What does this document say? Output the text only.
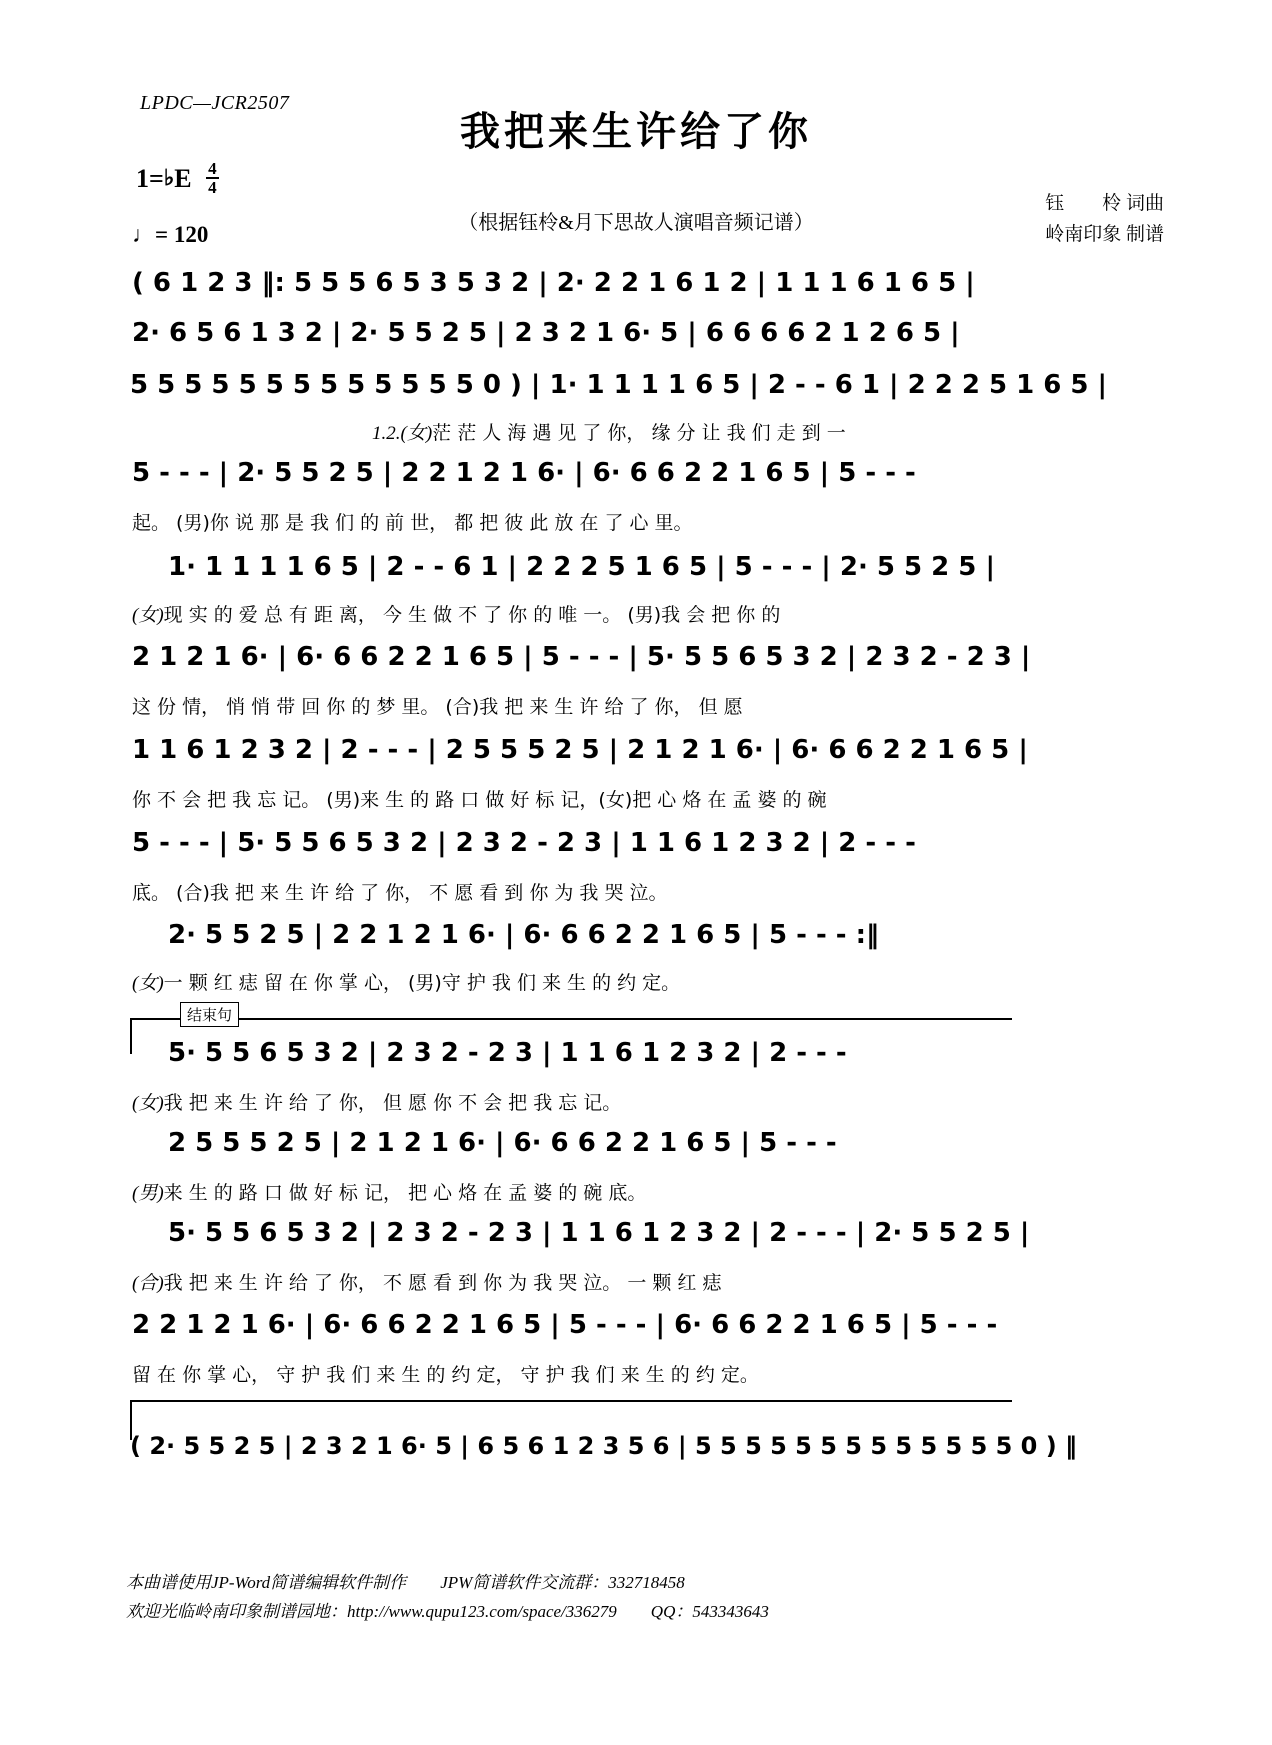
LPDC—JCR2507
我把来生许给了你
1=♭E $\frac{4}{4}$
♩= 120	（根据钰柃&月下思故人演唱音频记谱）
钰　　柃 词曲
岭南印象 制谱
( 6 1 2 3 ‖: 5 5 5 6 5 3 5 3 2 | 2· 2 2 1 6 1 2 | 1 1 1 6 1 6 5 |
2· 6 5 6 1 3 2 | 2· 5 5 2 5 | 2 3 2 1 6· 5 | 6 6 6 6 2 1 2 6 5 |
5 5 5 5 5 5 5 5 5 5 5 5 5 0 ) | 1· 1 1 1 1 6 5 | 2 - - 6 1 | 2 2 2 5 1 6 5 |
1.2.(女)茫 茫 人 海 遇 见 了 你， 缘 分 让 我 们 走 到 一
5 - - - | 2· 5 5 2 5 | 2 2 1 2 1 6· | 6· 6 6 2 2 1 6 5 | 5 - - -
起。 (男)你 说 那 是 我 们 的 前 世， 都 把 彼 此 放 在 了 心 里。
1· 1 1 1 1 6 5 | 2 - - 6 1 | 2 2 2 5 1 6 5 | 5 - - - | 2· 5 5 2 5 |
(女)现 实 的 爱 总 有 距 离， 今 生 做 不 了 你 的 唯 一。 (男)我 会 把 你 的
2 1 2 1 6· | 6· 6 6 2 2 1 6 5 | 5 - - - | 5· 5 5 6 5 3 2 | 2 3 2 - 2 3 |
这 份 情， 悄 悄 带 回 你 的 梦 里。 (合)我 把 来 生 许 给 了 你， 但 愿
1 1 6 1 2 3 2 | 2 - - - | 2 5 5 5 2 5 | 2 1 2 1 6· | 6· 6 6 2 2 1 6 5 |
你 不 会 把 我 忘 记。 (男)来 生 的 路 口 做 好 标 记，(女)把 心 烙 在 孟 婆 的 碗
5 - - - | 5· 5 5 6 5 3 2 | 2 3 2 - 2 3 | 1 1 6 1 2 3 2 | 2 - - -
底。 (合)我 把 来 生 许 给 了 你， 不 愿 看 到 你 为 我 哭 泣。
2· 5 5 2 5 | 2 2 1 2 1 6· | 6· 6 6 2 2 1 6 5 | 5 - - - :‖
(女)一 颗 红 痣 留 在 你 掌 心， (男)守 护 我 们 来 生 的 约 定。
结束句
5· 5 5 6 5 3 2 | 2 3 2 - 2 3 | 1 1 6 1 2 3 2 | 2 - - -
(女)我 把 来 生 许 给 了 你， 但 愿 你 不 会 把 我 忘 记。
2 5 5 5 2 5 | 2 1 2 1 6· | 6· 6 6 2 2 1 6 5 | 5 - - -
(男)来 生 的 路 口 做 好 标 记， 把 心 烙 在 孟 婆 的 碗 底。
5· 5 5 6 5 3 2 | 2 3 2 - 2 3 | 1 1 6 1 2 3 2 | 2 - - - | 2· 5 5 2 5 |
(合)我 把 来 生 许 给 了 你， 不 愿 看 到 你 为 我 哭 泣。 一 颗 红 痣
2 2 1 2 1 6· | 6· 6 6 2 2 1 6 5 | 5 - - - | 6· 6 6 2 2 1 6 5 | 5 - - -
留 在 你 掌 心， 守 护 我 们 来 生 的 约 定， 守 护 我 们 来 生 的 约 定。
( 2· 5 5 2 5 | 2 3 2 1 6· 5 | 6 5 6 1 2 3 5 6 | 5 5 5 5 5 5 5 5 5 5 5 5 5 0 ) ‖
本曲谱使用JP-Word简谱编辑软件制作 JPW简谱软件交流群：332718458
欢迎光临岭南印象制谱园地：http://www.qupu123.com/space/336279 QQ：543343643
